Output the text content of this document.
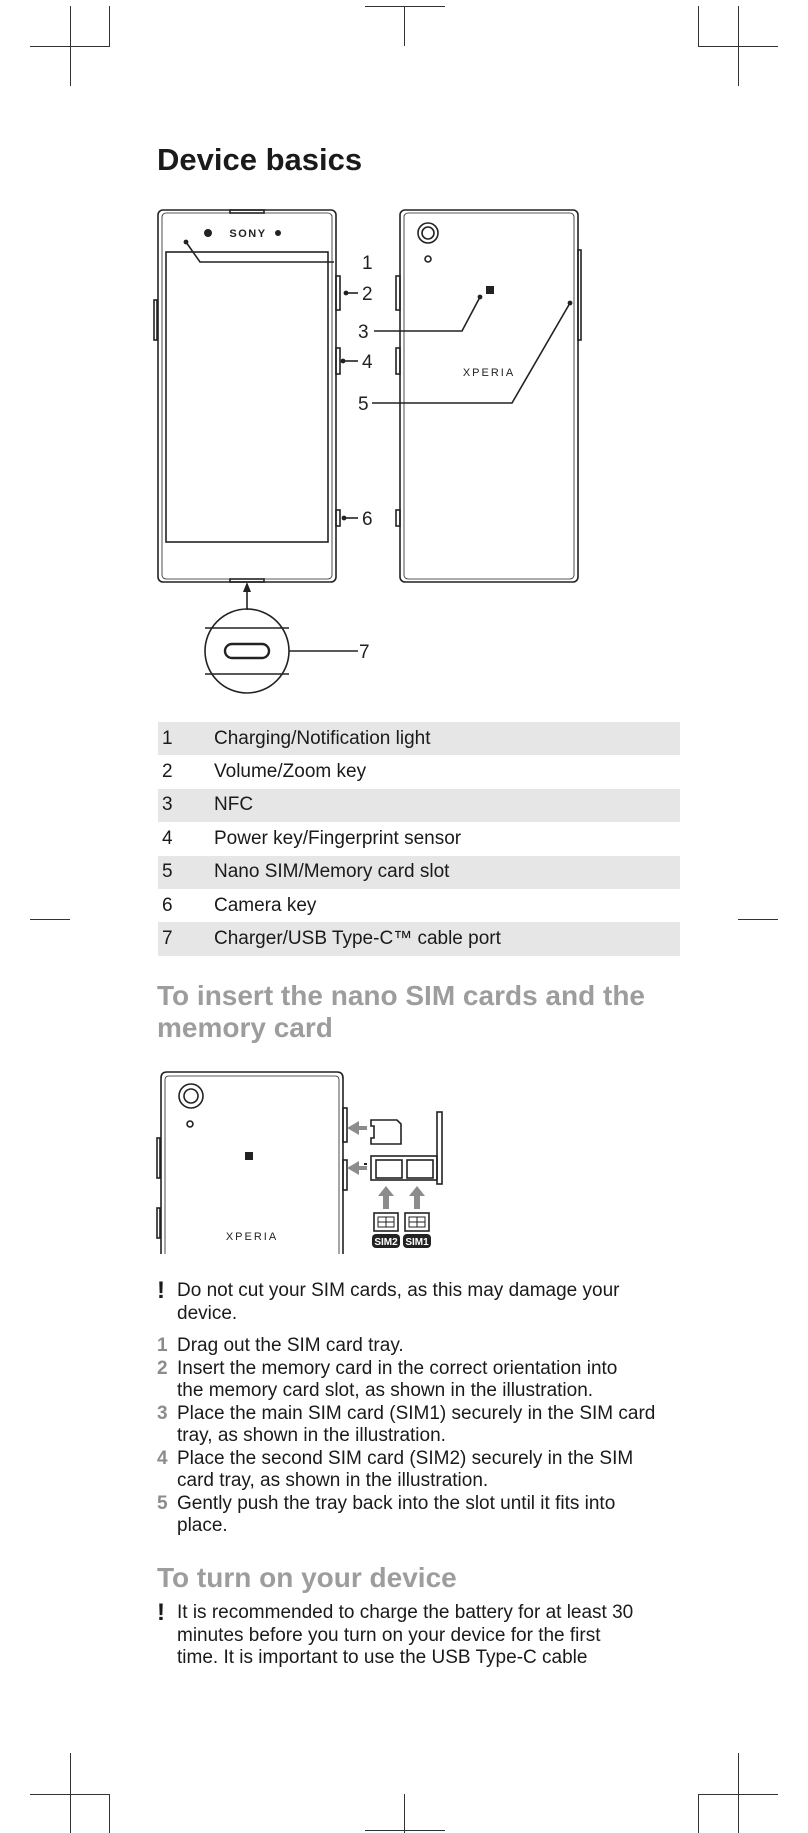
Device basics
SONY
XPERIA
1
2
3
4
5
6
7
1	Charging/Notification light
2	Volume/Zoom key
3	NFC
4	Power key/Fingerprint sensor
5	Nano SIM/Memory card slot
6	Camera key
7	Charger/USB Type-C™ cable port
To insert the nano SIM cards and the
memory card
SIM2 SIM1
XPERIA
! Do not cut your SIM cards, as this may damage your
device.
1 Drag out the SIM card tray.
2 Insert the memory card in the correct orientation into
the memory card slot, as shown in the illustration.
3 Place the main SIM card (SIM1) securely in the SIM card
tray, as shown in the illustration.
4 Place the second SIM card (SIM2) securely in the SIM
card tray, as shown in the illustration.
5 Gently push the tray back into the slot until it fits into
place.
To turn on your device
! It is recommended to charge the battery for at least 30
minutes before you turn on your device for the first
time. It is important to use the USB Type-C cable
